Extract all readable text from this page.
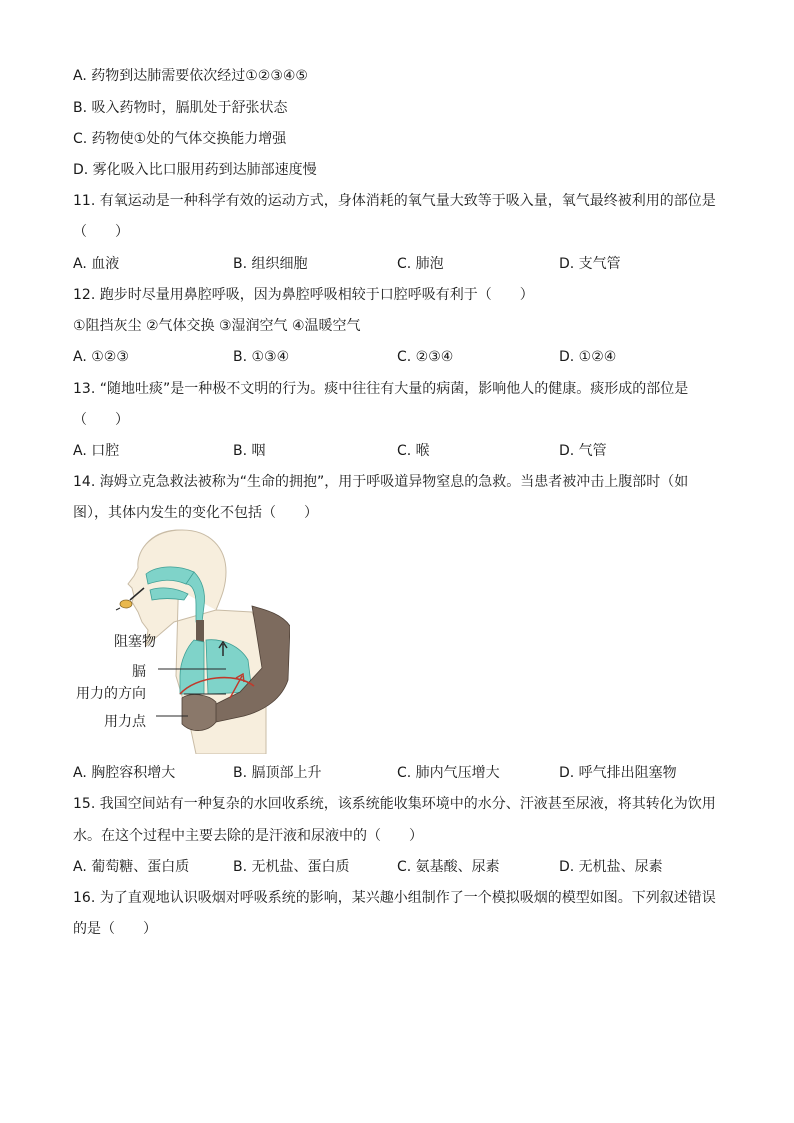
A. 药物到达肺需要依次经过①②③④⑤
B. 吸入药物时，膈肌处于舒张状态
C. 药物使①处的气体交换能力增强
D. 雾化吸入比口服用药到达肺部速度慢
11. 有氧运动是一种科学有效的运动方式，身体消耗的氧气量大致等于吸入量，氧气最终被利用的部位是
（　　）
A. 血液	B. 组织细胞	C. 肺泡	D. 支气管
12. 跑步时尽量用鼻腔呼吸，因为鼻腔呼吸相较于口腔呼吸有利于（　　）
①阻挡灰尘 ②气体交换 ③湿润空气 ④温暖空气
A. ①②③	B. ①③④	C. ②③④	D. ①②④
13. “随地吐痰”是一种极不文明的行为。痰中往往有大量的病菌，影响他人的健康。痰形成的部位是
（　　）
A. 口腔	B. 咽	C. 喉	D. 气管
14. 海姆立克急救法被称为“生命的拥抱”，用于呼吸道异物窒息的急救。当患者被冲击上腹部时（如
图），其体内发生的变化不包括（　　）
阻塞物
膈
用力的方向
用力点
A. 胸腔容积增大	B. 膈顶部上升	C. 肺内气压增大	D. 呼气排出阻塞物
15. 我国空间站有一种复杂的水回收系统，该系统能收集环境中的水分、汗液甚至尿液，将其转化为饮用
水。在这个过程中主要去除的是汗液和尿液中的（　　）
A. 葡萄糖、蛋白质	B. 无机盐、蛋白质	C. 氨基酸、尿素	D. 无机盐、尿素
16. 为了直观地认识吸烟对呼吸系统的影响，某兴趣小组制作了一个模拟吸烟的模型如图。下列叙述错误
的是（　　）
